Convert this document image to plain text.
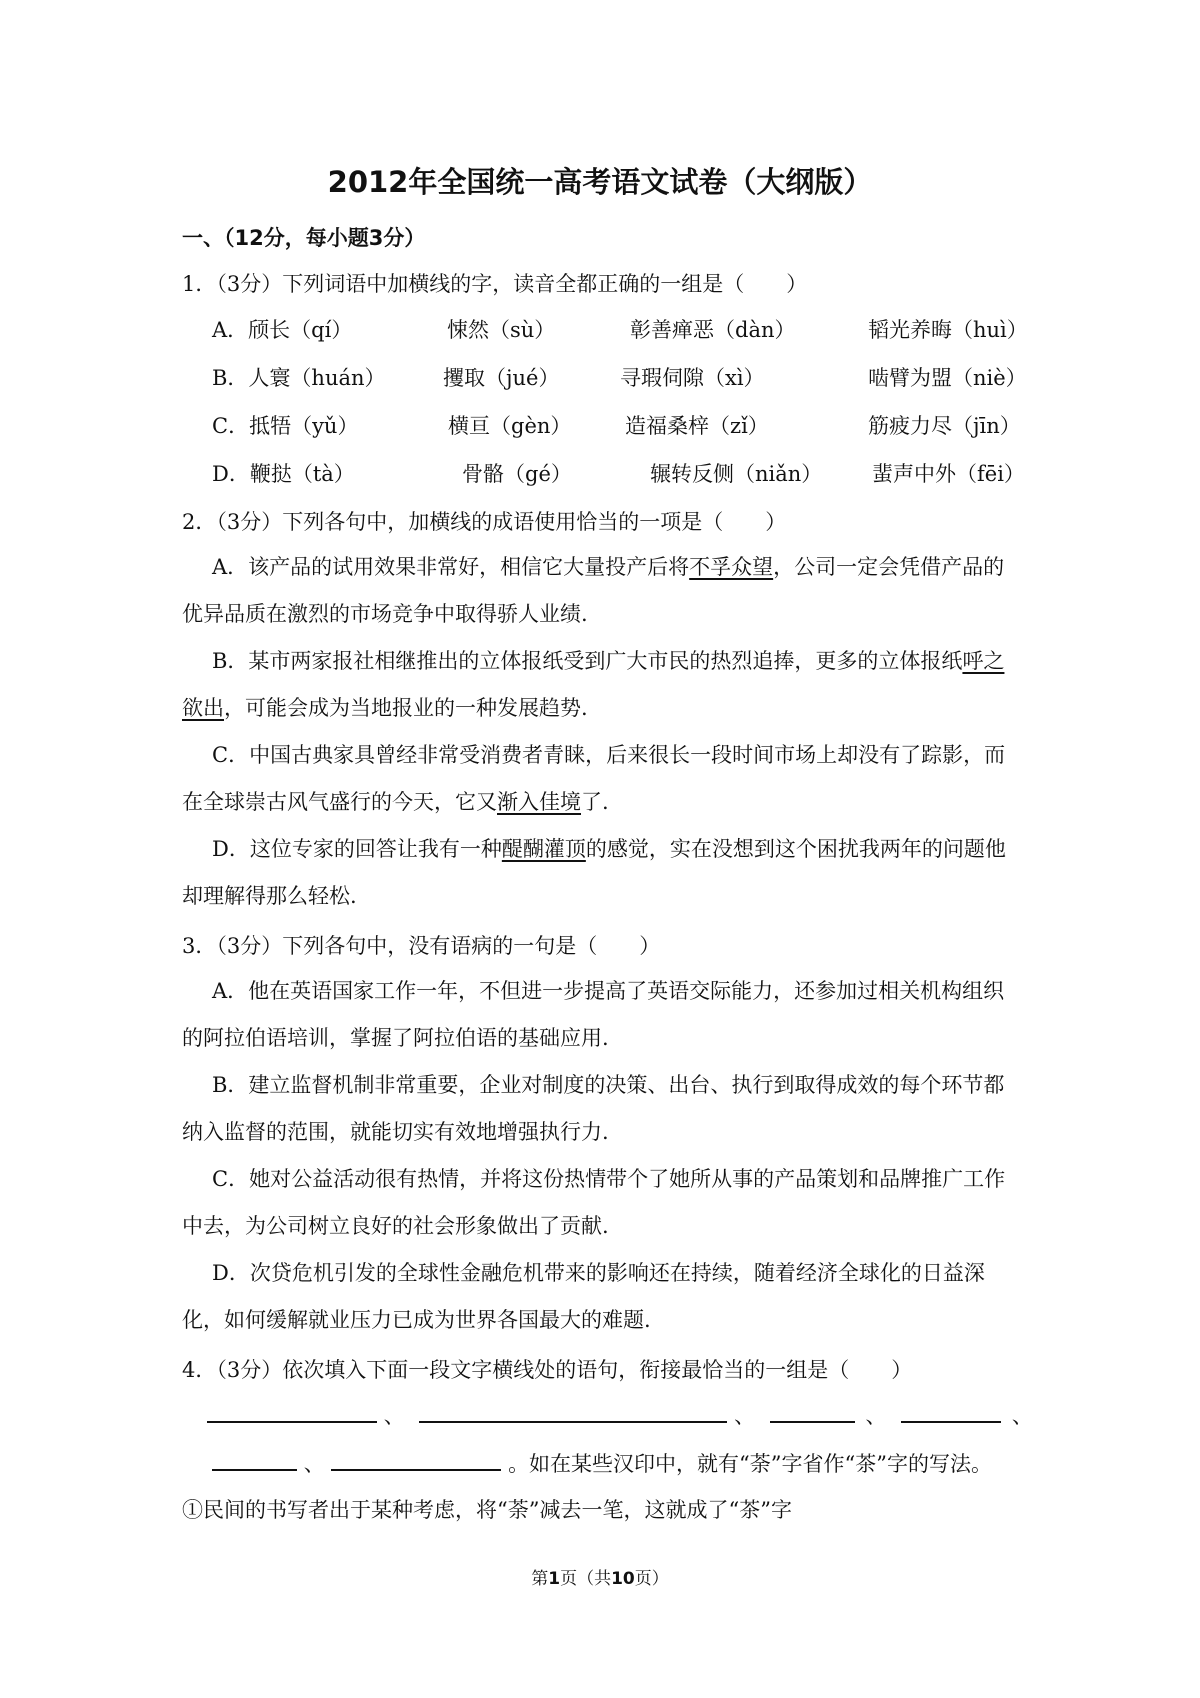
2012年全国统一高考语文试卷（大纲版）
一、（12分，每小题3分）
1．（3分）下列词语中加横线的字，读音全都正确的一组是（　　）
A．颀长（qí）	悚然（sù）	彰善瘅恶（dàn）	韬光养晦（huì）
B．人寰（huán）	攫取（jué）	寻瑕伺隙（xì）	啮臂为盟（niè）
C．抵牾（yǔ）	横亘（gèn）	造福桑梓（zǐ）	筋疲力尽（jīn）
D．鞭挞（tà）	骨骼（gé）	辗转反侧（niǎn） 蜚声中外（fēi）
2．（3分）下列各句中，加横线的成语使用恰当的一项是（　　）
A．该产品的试用效果非常好，相信它大量投产后将不孚众望，公司一定会凭借产品的优异品质在激烈的市场竞争中取得骄人业绩.
B．某市两家报社相继推出的立体报纸受到广大市民的热烈追捧，更多的立体报纸呼之欲出，可能会成为当地报业的一种发展趋势.
C．中国古典家具曾经非常受消费者青睐，后来很长一段时间市场上却没有了踪影，而在全球崇古风气盛行的今天，它又渐入佳境了.
D．这位专家的回答让我有一种醍醐灌顶的感觉，实在没想到这个困扰我两年的问题他却理解得那么轻松.
3．（3分）下列各句中，没有语病的一句是（　　）
A．他在英语国家工作一年，不但进一步提高了英语交际能力，还参加过相关机构组织的阿拉伯语培训，掌握了阿拉伯语的基础应用.
B．建立监督机制非常重要，企业对制度的决策、出台、执行到取得成效的每个环节都纳入监督的范围，就能切实有效地增强执行力.
C．她对公益活动很有热情，并将这份热情带个了她所从事的产品策划和品牌推广工作中去，为公司树立良好的社会形象做出了贡献.
D．次贷危机引发的全球性金融危机带来的影响还在持续，随着经济全球化的日益深化，如何缓解就业压力已成为世界各国最大的难题.
4．（3分）依次填入下面一段文字横线处的语句，衔接最恰当的一组是（　　）
、	、	、	、
、	。如在某些汉印中，就有“荼”字省作“茶”字的写法。
①民间的书写者出于某种考虑，将“荼”减去一笔，这就成了“茶”字
第1页（共10页）
